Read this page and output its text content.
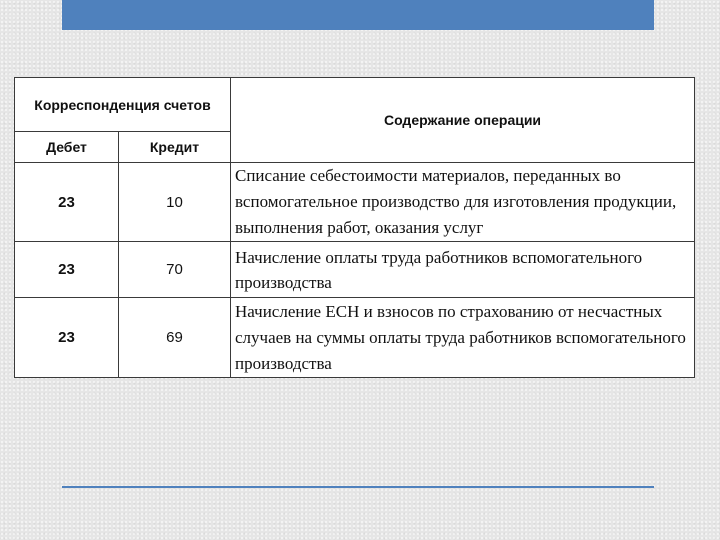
Корреспонденция счетов		Содержание операции
Дебет	Кредит	
23	10	Списание себестоимости материалов, переданных во вспомогательное производство для изготовления продукции, выполнения работ, оказания услуг
23	70	Начисление оплаты труда работников вспомогательного производства
23	69	Начисление ЕСН и взносов по страхованию от несчастных случаев на суммы оплаты труда работников вспомогательного производства
